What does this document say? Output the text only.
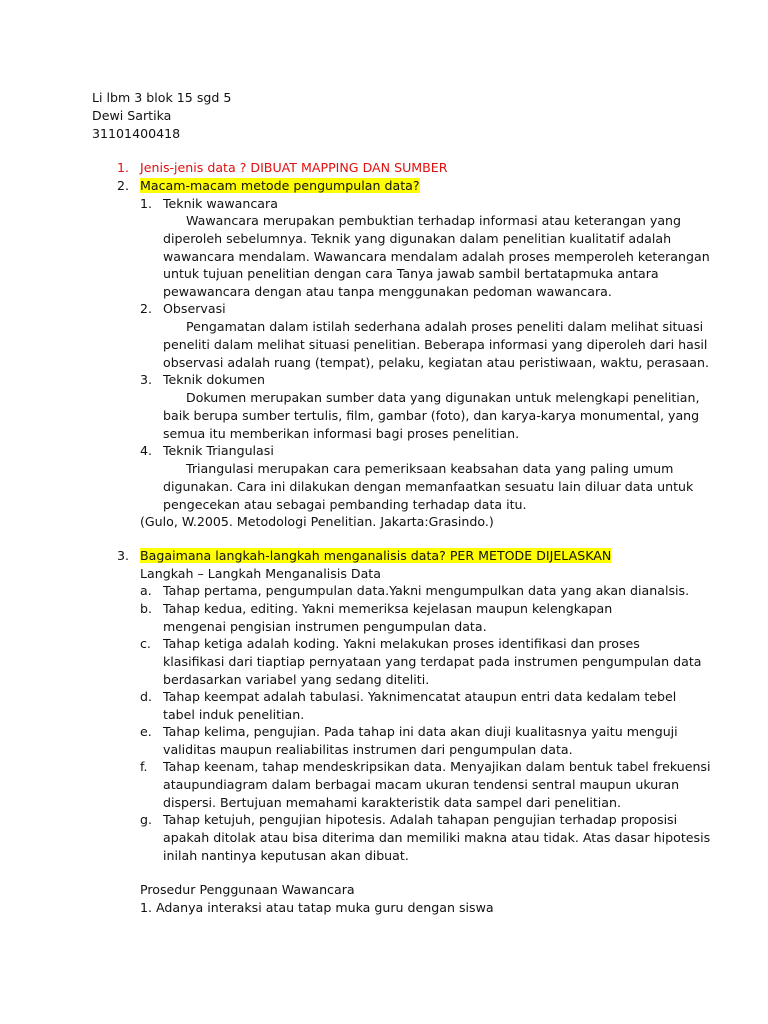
Li lbm 3 blok 15 sgd 5
Dewi Sartika
31101400418
1. Jenis-jenis data ? DIBUAT MAPPING DAN SUMBER
2. Macam-macam metode pengumpulan data?
1. Teknik wawancara
Wawancara merupakan pembuktian terhadap informasi atau keterangan yang
diperoleh sebelumnya. Teknik yang digunakan dalam penelitian kualitatif adalah
wawancara mendalam. Wawancara mendalam adalah proses memperoleh keterangan
untuk tujuan penelitian dengan cara Tanya jawab sambil bertatapmuka antara
pewawancara dengan atau tanpa menggunakan pedoman wawancara.
2. Observasi
Pengamatan dalam istilah sederhana adalah proses peneliti dalam melihat situasi
peneliti dalam melihat situasi penelitian. Beberapa informasi yang diperoleh dari hasil
observasi adalah ruang (tempat), pelaku, kegiatan atau peristiwaan, waktu, perasaan.
3. Teknik dokumen
Dokumen merupakan sumber data yang digunakan untuk melengkapi penelitian,
baik berupa sumber tertulis, film, gambar (foto), dan karya-karya monumental, yang
semua itu memberikan informasi bagi proses penelitian.
4. Teknik Triangulasi
Triangulasi merupakan cara pemeriksaan keabsahan data yang paling umum
digunakan. Cara ini dilakukan dengan memanfaatkan sesuatu lain diluar data untuk
pengecekan atau sebagai pembanding terhadap data itu.
(Gulo, W.2005. Metodologi Penelitian. Jakarta:Grasindo.)
3. Bagaimana langkah-langkah menganalisis data? PER METODE DIJELASKAN
Langkah – Langkah Menganalisis Data
a. Tahap pertama, pengumpulan data.Yakni mengumpulkan data yang akan dianalsis.
b. Tahap kedua, editing. Yakni memeriksa kejelasan maupun kelengkapan
mengenai pengisian instrumen pengumpulan data.
c. Tahap ketiga adalah koding. Yakni melakukan proses identifikasi dan proses
klasifikasi dari tiaptiap pernyataan yang terdapat pada instrumen pengumpulan data
berdasarkan variabel yang sedang diteliti.
d. Tahap keempat adalah tabulasi. Yaknimencatat ataupun entri data kedalam tebel
tabel induk penelitian.
e. Tahap kelima, pengujian. Pada tahap ini data akan diuji kualitasnya yaitu menguji
validitas maupun realiabilitas instrumen dari pengumpulan data.
f. Tahap keenam, tahap mendeskripsikan data. Menyajikan dalam bentuk tabel frekuensi
ataupundiagram dalam berbagai macam ukuran tendensi sentral maupun ukuran
dispersi. Bertujuan memahami karakteristik data sampel dari penelitian.
g. Tahap ketujuh, pengujian hipotesis. Adalah tahapan pengujian terhadap proposisi
apakah ditolak atau bisa diterima dan memiliki makna atau tidak. Atas dasar hipotesis
inilah nantinya keputusan akan dibuat.
Prosedur Penggunaan Wawancara
1. Adanya interaksi atau tatap muka guru dengan siswa
